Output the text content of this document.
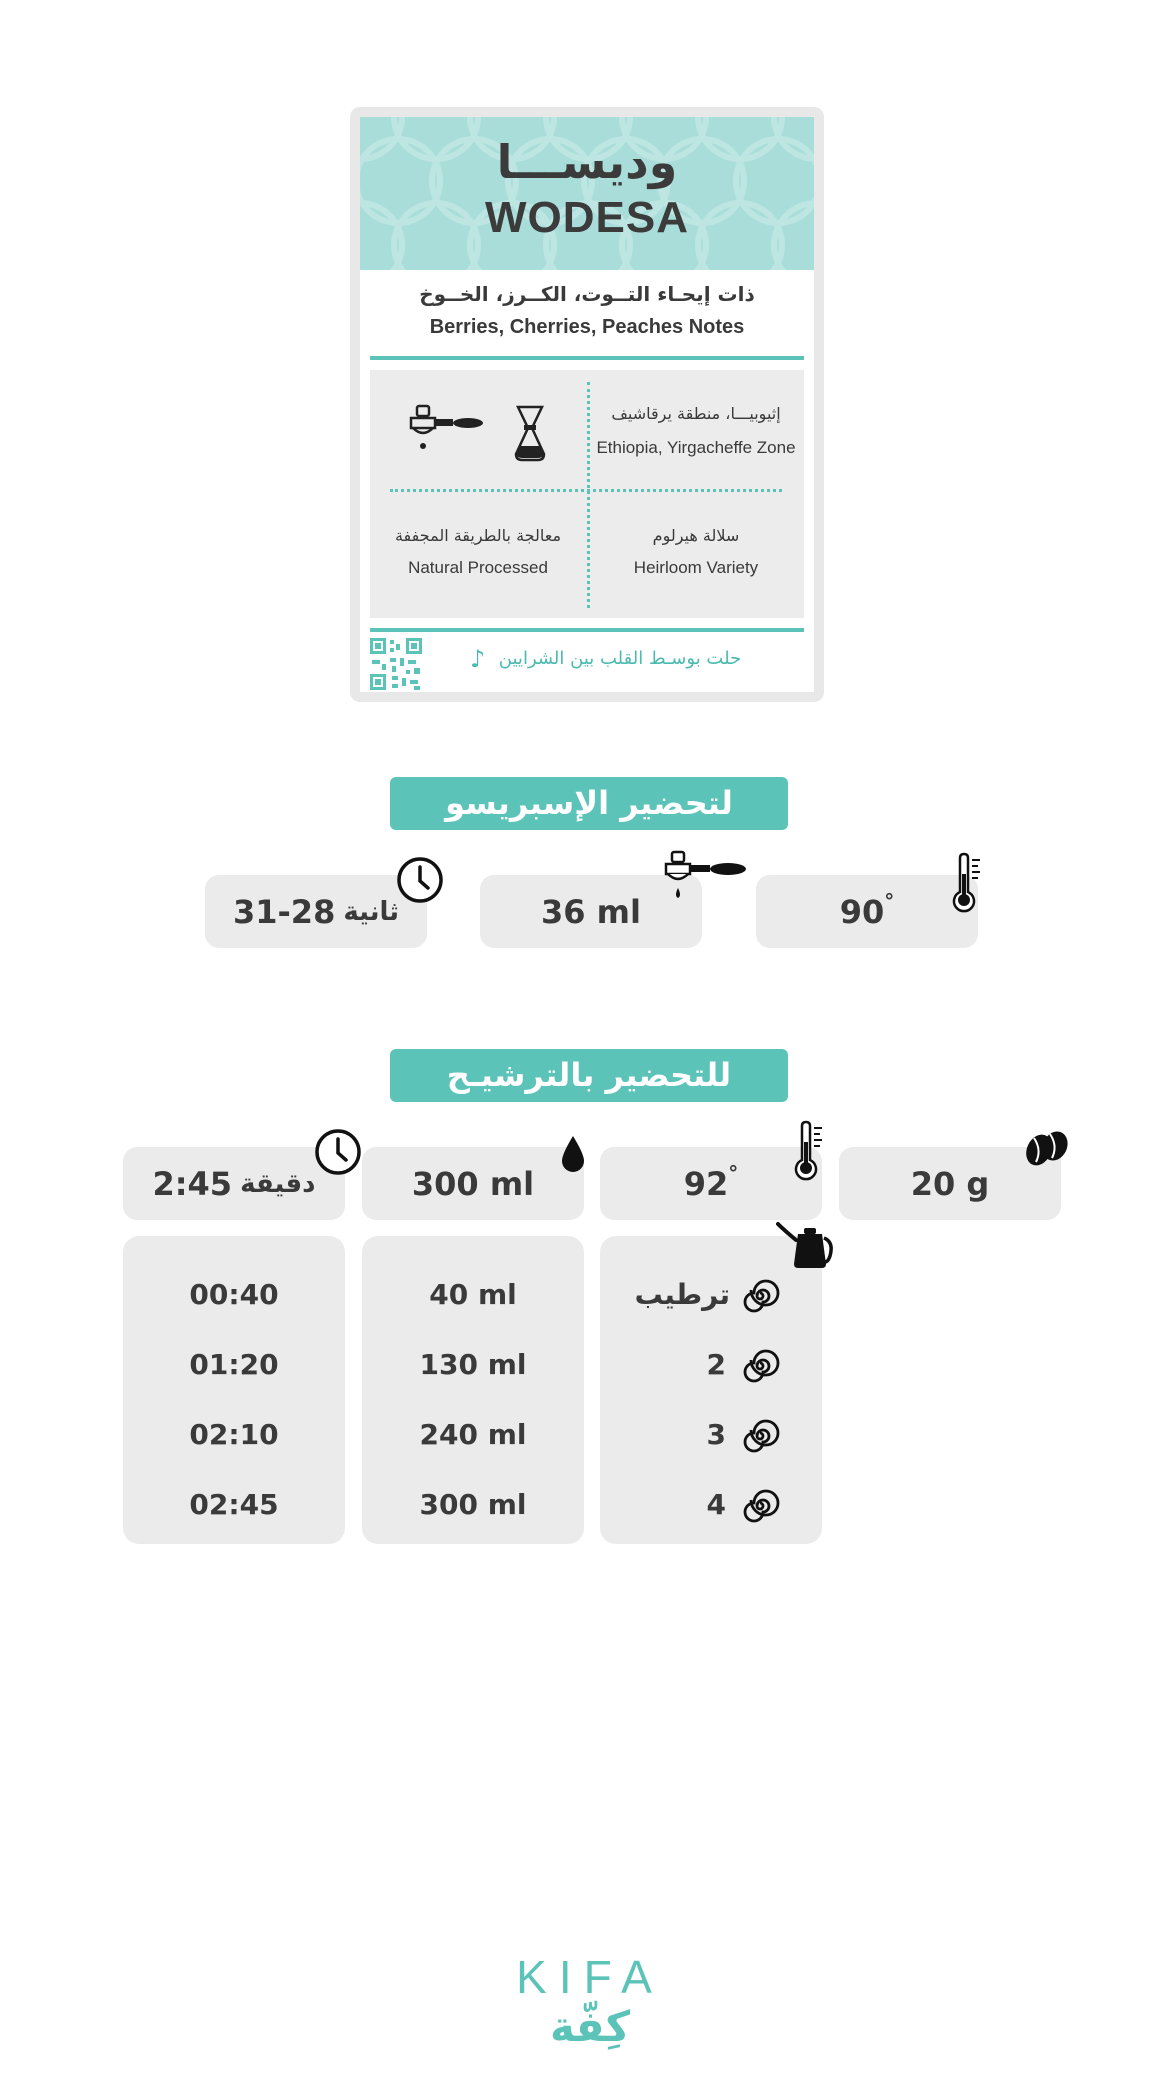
وديســـا
WODESA
ذات إيحـاء التــوت، الكــرز، الخــوخ
Berries, Cherries, Peaches Notes
إثيوبيـــا، منطقة يرقاشيف
Ethiopia, Yirgacheffe Zone
معالجة بالطريقة المجففة
Natural Processed
سلالة هيرلوم
Heirloom Variety
♪ حلت بوسـط القلب بين الشرايين
لتحضير الإسبريسو
31-28 ثانية	36 ml	90 °
للتحضير بالترشيـح
2:45 دقيقة	300 ml	92 °	20 g
00:40	40 ml	ترطيب
01:20	130 ml	2
02:10	240 ml	3
02:45	300 ml	4
KIFA
كِفّة
